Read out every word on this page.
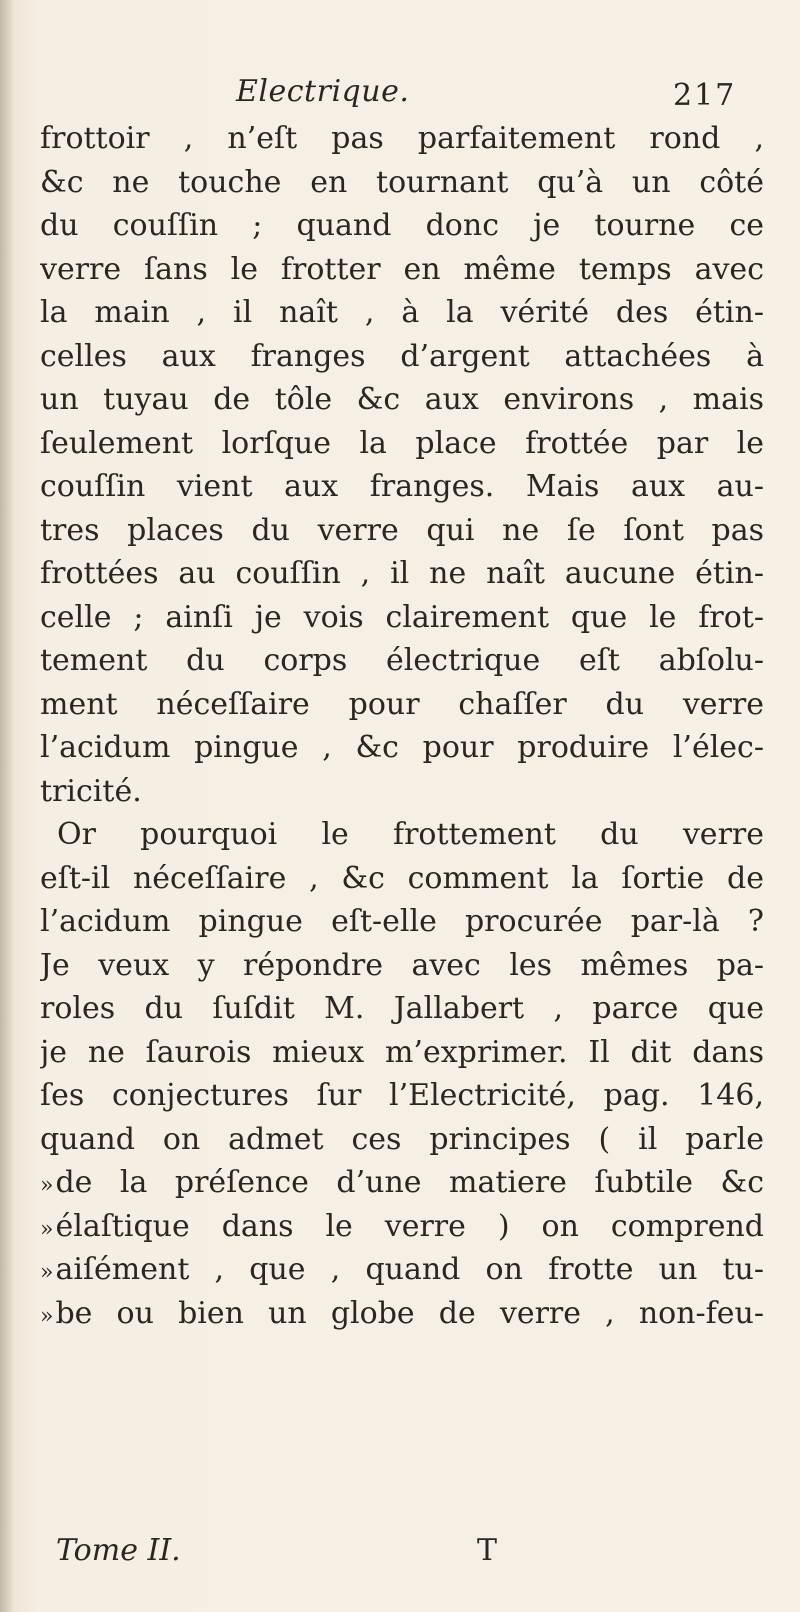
Electrique.	217
frottoir , n’eſt pas parfaitement rond ,
&c ne touche en tournant qu’à un côté
du couſſin ; quand donc je tourne ce
verre ſans le frotter en même temps avec
la main , il naît , à la vérité des étin-
celles aux franges d’argent attachées à
un tuyau de tôle &c aux environs , mais
ſeulement lorſque la place frottée par le
couſſin vient aux franges. Mais aux au-
tres places du verre qui ne ſe ſont pas
frottées au couſſin , il ne naît aucune étin-
celle ; ainſi je vois clairement que le frot-
tement du corps électrique eſt abſolu-
ment néceſſaire pour chaſſer du verre
l’acidum pingue , &c pour produire l’élec-
tricité.
Or pourquoi le frottement du verre
eſt-il néceſſaire , &c comment la ſortie de
l’acidum pingue eſt-elle procurée par-là ?
Je veux y répondre avec les mêmes pa-
roles du ſuſdit M. Jallabert , parce que
je ne ſaurois mieux m’exprimer. Il dit dans
ſes conjectures ſur l’Electricité, pag. 146,
quand on admet ces principes ( il parle
» de la préſence d’une matiere ſubtile &c
» élaſtique dans le verre ) on comprend
» aiſément , que , quand on frotte un tu-
» be ou bien un globe de verre , non-feu-
Tome II.	T
